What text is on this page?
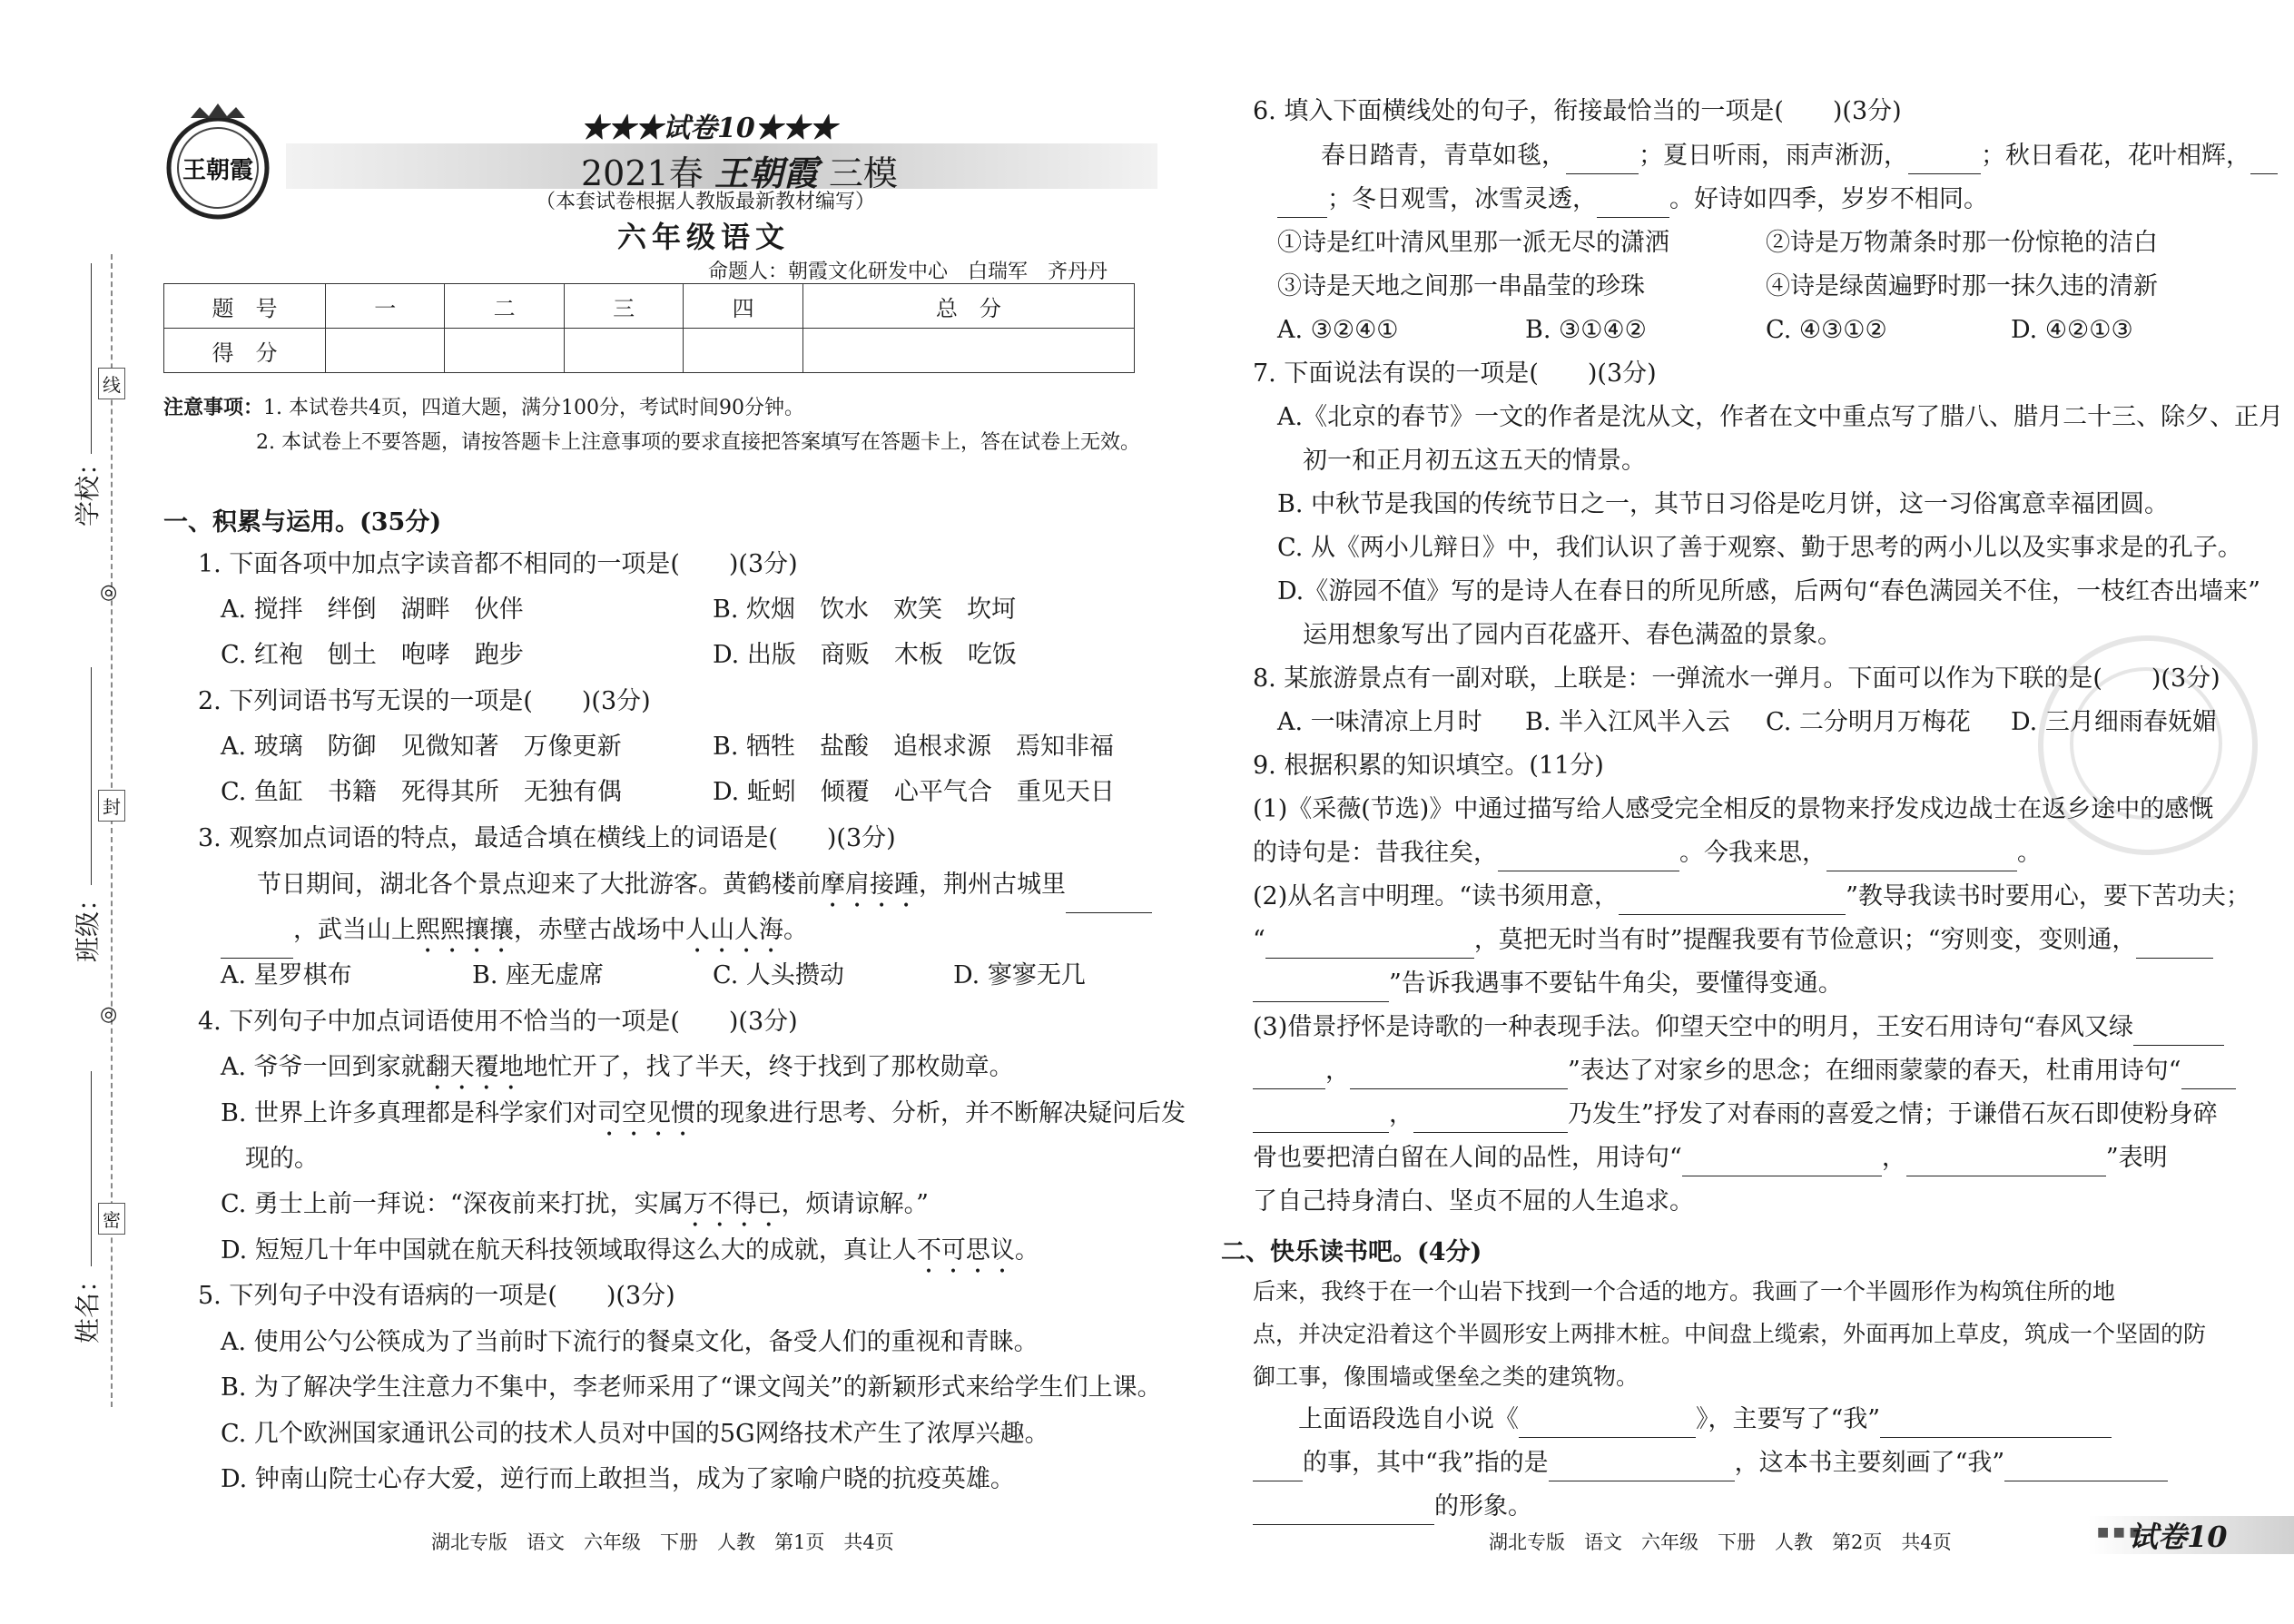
线
封
密
◎
◎
学校：
班级：
姓名：
王朝霞
★★★试卷10★★★
2021春 王朝霞 三模
（本套试卷根据人教版最新教材编写）
六年级语文
命题人：朝霞文化研发中心　白瑞军　齐丹丹
题　号	一	二	三	四	总　分
得　分					
注意事项：1. 本试卷共4页，四道大题，满分100分，考试时间90分钟。
2. 本试卷上不要答题，请按答题卡上注意事项的要求直接把答案填写在答题卡上，答在试卷上无效。
一、积累与运用。(35分)
1. 下面各项中加点字读音都不相同的一项是(　　)(3分)
A. 搅拌　绊倒　湖畔　伙伴	B. 炊烟　饮水　欢笑　坎坷
C. 红袍　刨土　咆哮　跑步	D. 出版　商贩　木板　吃饭
2. 下列词语书写无误的一项是(　　)(3分)
A. 玻璃　防御　见微知著　万像更新	B. 牺牲　盐酸　追根求源　焉知非福
C. 鱼缸　书籍　死得其所　无独有偶	D. 蚯蚓　倾覆　心平气合　重见天日
3. 观察加点词语的特点，最适合填在横线上的词语是(　　)(3分)
节日期间，湖北各个景点迎来了大批游客。黄鹤楼前摩肩接踵，荆州古城里
，武当山上熙熙攘攘，赤壁古战场中人山人海。
A. 星罗棋布	B. 座无虚席	C. 人头攒动	D. 寥寥无几
4. 下列句子中加点词语使用不恰当的一项是(　　)(3分)
A. 爷爷一回到家就翻天覆地地忙开了，找了半天，终于找到了那枚勋章。
B. 世界上许多真理都是科学家们对司空见惯的现象进行思考、分析，并不断解决疑问后发
现的。
C. 勇士上前一拜说：“深夜前来打扰，实属万不得已，烦请谅解。”
D. 短短几十年中国就在航天科技领域取得这么大的成就，真让人不可思议。
5. 下列句子中没有语病的一项是(　　)(3分)
A. 使用公勺公筷成为了当前时下流行的餐桌文化，备受人们的重视和青睐。
B. 为了解决学生注意力不集中，李老师采用了“课文闯关”的新颖形式来给学生们上课。
C. 几个欧洲国家通讯公司的技术人员对中国的5G网络技术产生了浓厚兴趣。
D. 钟南山院士心存大爱，逆行而上敢担当，成为了家喻户晓的抗疫英雄。
湖北专版　语文　六年级　下册　人教　第1页　共4页
6. 填入下面横线处的句子，衔接最恰当的一项是(　　)(3分)
春日踏青，青草如毯，	；夏日听雨，雨声淅沥，	；秋日看花，花叶相辉，
；冬日观雪，冰雪灵透，	。好诗如四季，岁岁不相同。
①诗是红叶清风里那一派无尽的潇洒	②诗是万物萧条时那一份惊艳的洁白
③诗是天地之间那一串晶莹的珍珠	④诗是绿茵遍野时那一抹久违的清新
A. ③②④①	B. ③①④②	C. ④③①②	D. ④②①③
7. 下面说法有误的一项是(　　)(3分)
A.《北京的春节》一文的作者是沈从文，作者在文中重点写了腊八、腊月二十三、除夕、正月
初一和正月初五这五天的情景。
B. 中秋节是我国的传统节日之一，其节日习俗是吃月饼，这一习俗寓意幸福团圆。
C. 从《两小儿辩日》中，我们认识了善于观察、勤于思考的两小儿以及实事求是的孔子。
D.《游园不值》写的是诗人在春日的所见所感，后两句“春色满园关不住，一枝红杏出墙来”
运用想象写出了园内百花盛开、春色满盈的景象。
8. 某旅游景点有一副对联，上联是：一弹流水一弹月。下面可以作为下联的是(　　)(3分)
A. 一味清凉上月时 B. 半入江风半入云 C. 二分明月万梅花 D. 三月细雨春妩媚
9. 根据积累的知识填空。(11分)
(1)《采薇(节选)》中通过描写给人感受完全相反的景物来抒发戍边战士在返乡途中的感慨
的诗句是：昔我往矣，	。今我来思，	。
(2)从名言中明理。“读书须用意，	”教导我读书时要用心，要下苦功夫；
“	，莫把无时当有时”提醒我要有节俭意识；“穷则变，变则通，
”告诉我遇事不要钻牛角尖，要懂得变通。
(3)借景抒怀是诗歌的一种表现手法。仰望天空中的明月，王安石用诗句“春风又绿
，	”表达了对家乡的思念；在细雨蒙蒙的春天，杜甫用诗句“
，	乃发生”抒发了对春雨的喜爱之情；于谦借石灰石即使粉身碎
骨也要把清白留在人间的品性，用诗句“	，	”表明
了自己持身清白、坚贞不屈的人生追求。
二、快乐读书吧。(4分)
后来，我终于在一个山岩下找到一个合适的地方。我画了一个半圆形作为构筑住所的地
点，并决定沿着这个半圆形安上两排木桩。中间盘上缆索，外面再加上草皮，筑成一个坚固的防
御工事，像围墙或堡垒之类的建筑物。
上面语段选自小说《	》，主要写了“我”
的事，其中“我”指的是	，这本书主要刻画了“我”
的形象。
湖北专版　语文　六年级　下册　人教　第2页　共4页	■ ■ ■
试卷10
